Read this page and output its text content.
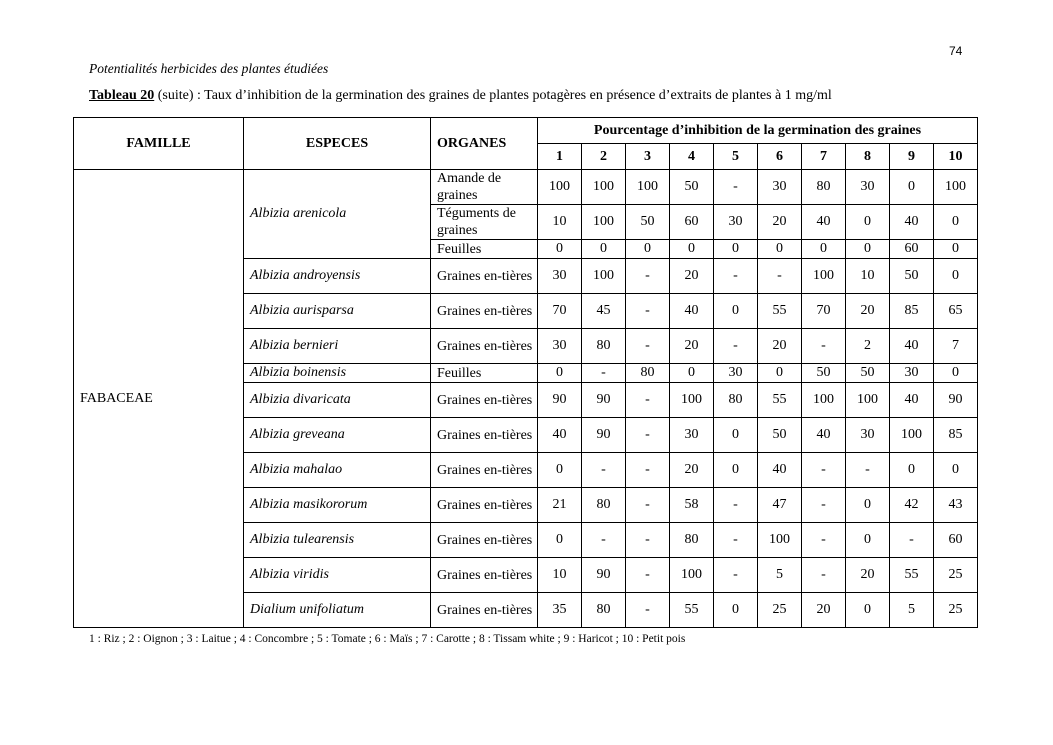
74
Potentialités herbicides des plantes étudiées
Tableau 20 (suite) : Taux d’inhibition de la germination des graines de plantes potagères en présence d’extraits de plantes à 1 mg/ml
FAMILLE	ESPECES	ORGANES	Pourcentage d’inhibition de la germination des graines									
			1	2	3	4	5	6	7	8	9	10
FABACEAE	Albizia arenicola	Amande de graines	100	100	100	50	-	30	80	30	0	100
		Téguments de graines	10	100	50	60	30	20	40	0	40	0
		Feuilles	0	0	0	0	0	0	0	0	60	0
	Albizia androyensis	Graines en-tières	30	100	-	20	-	-	100	10	50	0
	Albizia aurisparsa	Graines en-tières	70	45	-	40	0	55	70	20	85	65
	Albizia bernieri	Graines en-tières	30	80	-	20	-	20	-	2	40	7
	Albizia boinensis	Feuilles	0	-	80	0	30	0	50	50	30	0
	Albizia divaricata	Graines en-tières	90	90	-	100	80	55	100	100	40	90
	Albizia greveana	Graines en-tières	40	90	-	30	0	50	40	30	100	85
	Albizia mahalao	Graines en-tières	0	-	-	20	0	40	-	-	0	0
	Albizia masikororum	Graines en-tières	21	80	-	58	-	47	-	0	42	43
	Albizia tulearensis	Graines en-tières	0	-	-	80	-	100	-	0	-	60
	Albizia viridis	Graines en-tières	10	90	-	100	-	5	-	20	55	25
	Dialium unifoliatum	Graines en-tières	35	80	-	55	0	25	20	0	5	25
1 : Riz ; 2 : Oignon ; 3 : Laitue ; 4 : Concombre ; 5 : Tomate ; 6 : Maïs ; 7 : Carotte ; 8 : Tissam white ; 9 : Haricot ; 10 : Petit pois
